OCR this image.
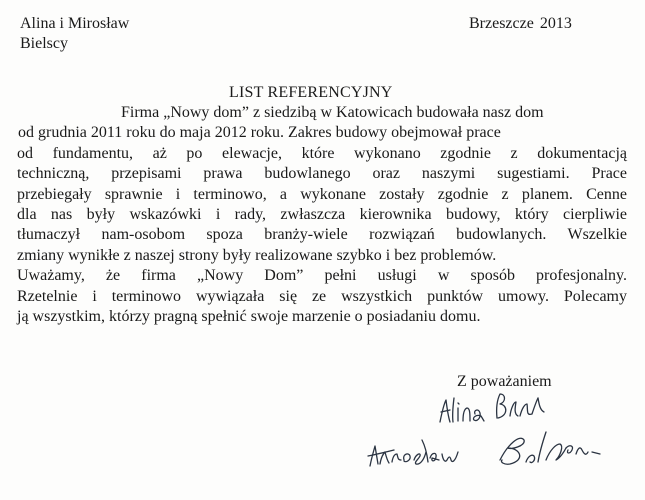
Alina i Mirosław
Bielscy
Brzeszcze 2013
LIST REFERENCYJNY
Firma „Nowy dom” z siedzibą w Katowicach budowała nasz dom
od grudnia 2011 roku do maja 2012 roku. Zakres budowy obejmował prace
od fundamentu, aż po elewacje, które wykonano zgodnie z dokumentacją
techniczną, przepisami prawa budowlanego oraz naszymi sugestiami. Prace
przebiegały sprawnie i terminowo, a wykonane zostały zgodnie z planem. Cenne
dla nas były wskazówki i rady, zwłaszcza kierownika budowy, który cierpliwie
tłumaczył nam-osobom spoza branży-wiele rozwiązań budowlanych. Wszelkie
zmiany wynikłe z naszej strony były realizowane szybko i bez problemów.
Uważamy, że firma „Nowy Dom” pełni usługi w sposób profesjonalny.
Rzetelnie i terminowo wywiązała się ze wszystkich punktów umowy. Polecamy
ją wszystkim, którzy pragną spełnić swoje marzenie o posiadaniu domu.
Z poważaniem
